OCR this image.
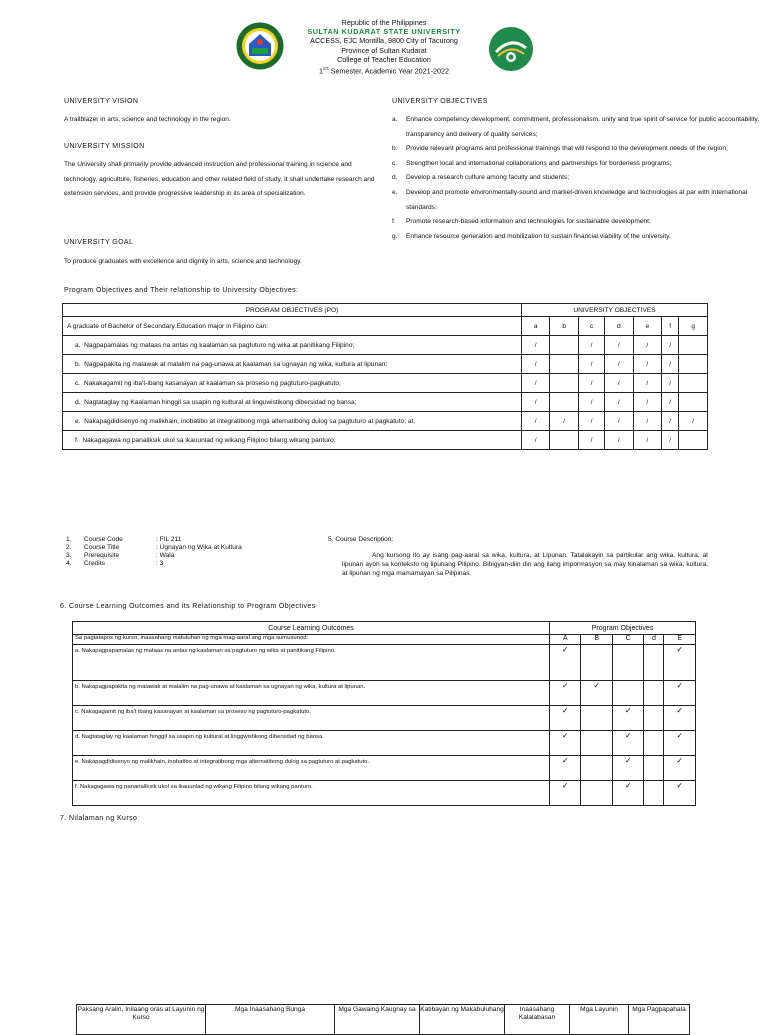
Republic of the Philippines
SULTAN KUDARAT STATE UNIVERSITY
ACCESS, EJC Montilla, 9800 City of Tacurong
Province of Sultan Kudarat
College of Teacher Education
1ST Semester, Academic Year 2021-2022
UNIVERSITY VISION
A trailblazer in arts, science and technology in the region.
UNIVERSITY MISSION
The University shall primarily provide advanced instruction and professional training in science and technology, agriculture, fisheries, education and other related field of study. It shall undertake research and extension services, and provide progressive leadership in its area of specialization.
UNIVERSITY GOAL
To produce graduates with excellence and dignity in arts, science and technology.
UNIVERSITY OBJECTIVES
a. Enhance competency development, commitment, professionalism, unity and true spirit of service for public accountability, transparency and delivery of quality services;
b. Provide relevant programs and professional trainings that will respond to the development needs of the region;
c. Strengthen local and international collaborations and partnerships for borderless programs;
d. Develop a research culture among faculty and students;
e. Develop and promote environmentally-sound and market-driven knowledge and technologies at par with international standards;
f. Promote research-based information and technologies for sustainable development;
g. Enhance resource generation and mobilization to sustain financial viability of the university.
Program Objectives and Their relationship to University Objectives:
PROGRAM OBJECTIVES (PO)	UNIVERSITY OBJECTIVES						
A graduate of Bachelor of Secondary Education major in Filipino can:	a	b	c	d	e	f	g
a. Nagpapamalas ng mataas na antas ng kaalaman sa pagtuturo ng wika at panitikang Filipino;	/		/	/	/	/	
b. Nagpapakita ng malawak at malalim na pag-unawa at kaalaman sa ugnayan ng wika, kultura at lipunan;	/		/	/	/	/	
c. Nakakagamit ng iba't-ibang kasanayan at kaalaman sa proseso ng pagtuturo-pagkatuto;	/		/	/	/	/	
d. Nagtataglay ng Kaalaman hinggil sa usapin ng kultural at linguwistikong dibersidad ng bansa;	/		/	/	/	/	
e. Nakapagdidisenyo ng malikhain, inobatibo at integratibong mga alternatibong dulog sa pagtuturo at pagkatuto; at,	/	/	/	/	/	/	/
f. Nakagagawa ng panaliksik ukol sa ikauunlad ng wikang Filipino bilang wikang panturo.	/		/	/	/	/	
1. Course Code	: FIL 211
2. Course Title	: Ugnayan ng Wika at Kultura
3. Prerequisite	: Wala
4. Credits	: 3
5. Course Description:
Ang kursong ito ay isang pag-aaral sa wika, kultura, at Lipunan. Tatalakayin sa partikular ang wika, kultura, at lipunan ayon sa konteksto ng lipunang Pilipino. Bibigyan-diin din ang ilang impormasyon sa may kinalaman sa wika, kultura, at lipunan ng mga mamamayan sa Pilipinas.
6. Course Learning Outcomes and its Relationship to Program Objectives
Course Learning Outcomes	Program Objectives				
Sa pagtatapos ng kurso, inaasahang matutuhan ng mga mag-aaral ang mga sumusunod:	A	B	C	d	E
a. Nakapagpapamalas ng mataas na antas ng kaalaman sa pagtuturo ng wika at panitikang Filipino.	✓				✓
b. Nakapagpapakita ng malawak at malalim na pag-unawa at kaalaman sa ugnayan ng wika, kultura at lipunan.	✓	✓			✓
c. Nakagagamit ng iba't ibang kasanayan at kaalaman sa proseso ng pagtuturo-pagkatuto.	✓		✓		✓
d. Nagtataglay ng kaalaman hinggil sa usapin ng kultural at linggwistikong dibersidad ng bansa.	✓		✓		✓
e. Nakapagdidisenyo ng malikhain, inobatibo at integratibong mga alternatibong dulog sa pagtuturo at pagkatuto.	✓		✓		✓
f. Nakagagawa ng pananaliksik ukol sa ikauunlad ng wikang Filipino bilang wikang panturo.	✓		✓		✓
7. Nilalaman ng Kurso
Paksang Aralin, Inilaang oras at Layunin ng Kurso	Mga Inaasahang Bunga	Mga Gawaing Kaugnay sa	Katibayan ng Makabuluhang	Inaasahang Kalalabasan	Mga Layunin	Mga Pagpapahala
